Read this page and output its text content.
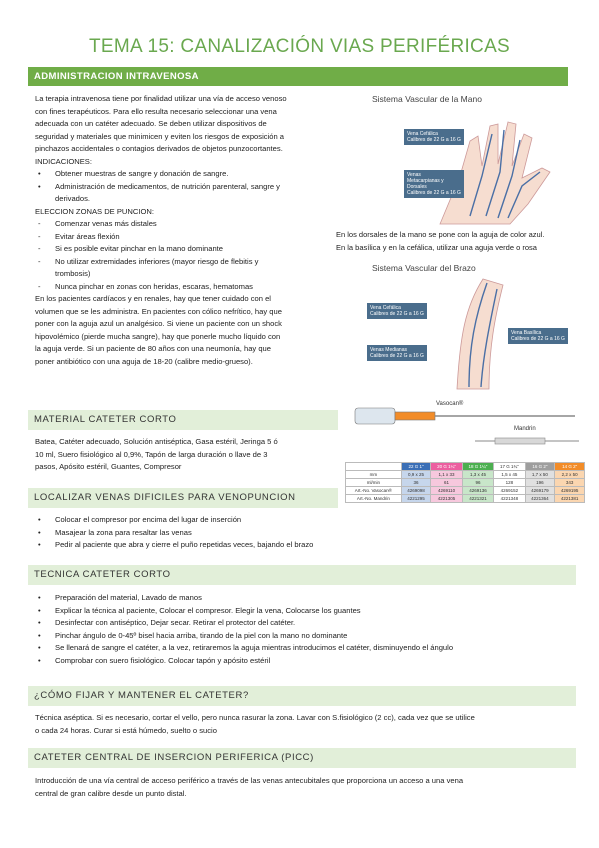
TEMA 15: CANALIZACIÓN VIAS PERIFÉRICAS
ADMINISTRACION INTRAVENOSA
La terapia intravenosa tiene por finalidad utilizar una vía de acceso venoso
con fines terapéuticos. Para ello resulta necesario seleccionar una vena
adecuada con un catéter adecuado. Se deben utilizar dispositivos de
seguridad y materiales que minimicen y eviten los riesgos de exposición a
pinchazos accidentales o contagios derivados de objetos punzocortantes.
INDICACIONES:
• Obtener muestras de sangre y donación de sangre.
• Administración de medicamentos, de nutrición parenteral, sangre y
derivados.
ELECCION ZONAS DE PUNCION:
- Comenzar venas más distales
- Evitar áreas flexión
- Si es posible evitar pinchar en la mano dominante
- No utilizar extremidades inferiores (mayor riesgo de flebitis y
trombosis)
- Nunca pinchar en zonas con heridas, escaras, hematomas
En los pacientes cardíacos y en renales, hay que tener cuidado con el
volumen que se les administra. En pacientes con cólico nefrítico, hay que
poner con la aguja azul un analgésico. Si viene un paciente con un shock
hipovolémico (pierde mucha sangre), hay que ponerle mucho líquido con
la aguja verde. Si un paciente de 80 años con una neumonía, hay que
poner antibiótico con una aguja de 18-20 (calibre medio-grueso).
Sistema Vascular de la Mano
Vena Cefálica
Calibres de 22 G a 16 G
Venas
Metacarpianas y
Dorsales
Calibres de 22 G a 16 G
En los dorsales de la mano se pone con la aguja de color azul.
En la basílica y en la cefálica, utilizar una aguja verde o rosa
Sistema Vascular del Brazo
Vena Cefálica
Calibres de 22 G a 16 G
Vena Basílica
Calibres de 22 G a 16 G
Venas Medianas
Calibres de 22 G a 16 G
Vasocan®
Mandrin
	22 G 1"	20 G 1¼"	18 G 1¼"	17 G 1¾"	16 G 2"	14 G 2"
mm	0,9 x 25	1,1 x 33	1,3 x 45	1,5 x 45	1,7 x 50	2,2 x 50
ml/min	36	61	96	128	196	343
Art.-No. Vasocan®	4269098	4269110	4269136	4269152	4269179	4269195
Art.-No. Mandrin	4221295	4221305	4221321	4221348	4221364	4221381
MATERIAL CATETER CORTO
Batea, Catéter adecuado, Solución antiséptica, Gasa estéril, Jeringa 5 ó
10 ml, Suero fisiológico al 0,9%, Tapón de larga duración o llave de 3
pasos, Apósito estéril, Guantes, Compresor
LOCALIZAR VENAS DIFICILES PARA VENOPUNCION
• Colocar el compresor por encima del lugar de inserción
• Masajear la zona para resaltar las venas
• Pedir al paciente que abra y cierre el puño repetidas veces, bajando el brazo
TECNICA CATETER CORTO
• Preparación del material, Lavado de manos
• Explicar la técnica al paciente, Colocar el compresor. Elegir la vena, Colocarse los guantes
• Desinfectar con antiséptico, Dejar secar. Retirar el protector del catéter.
• Pinchar ángulo de 0-45º bisel hacia arriba, tirando de la piel con la mano no dominante
• Se llenará de sangre el catéter, a la vez, retiraremos la aguja mientras introducimos el catéter, disminuyendo el ángulo
• Comprobar con suero fisiológico. Colocar tapón y apósito estéril
¿CÓMO FIJAR Y MANTENER EL CATETER?
Técnica aséptica. Si es necesario, cortar el vello, pero nunca rasurar la zona. Lavar con S.fisiológico (2 cc), cada vez que se utilice
o cada 24 horas. Curar si está húmedo, suelto o sucio
CATETER CENTRAL DE INSERCION PERIFERICA (PICC)
Introducción de una vía central de acceso periférico a través de las venas antecubitales que proporciona un acceso a una vena
central de gran calibre desde un punto distal.
